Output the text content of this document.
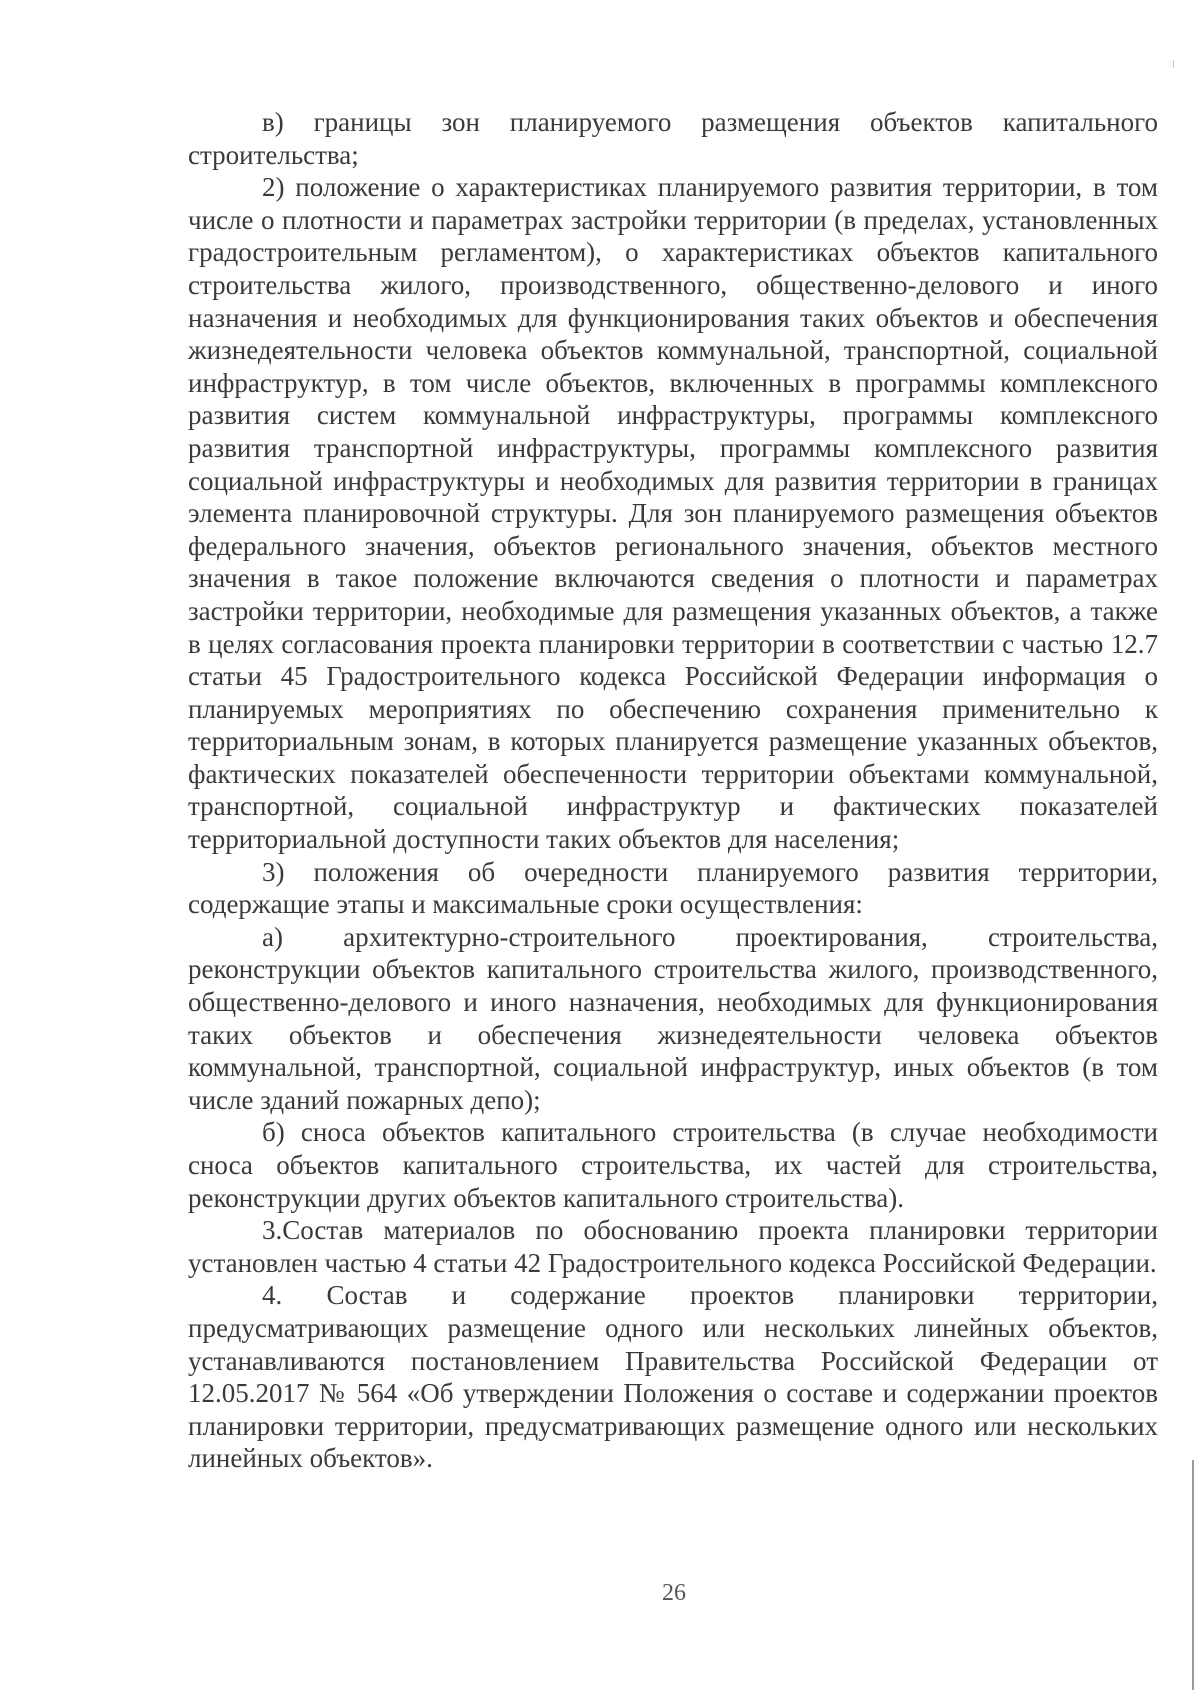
в) границы зон планируемого размещения объектов капитального строительства;

2) положение о характеристиках планируемого развития территории, в том числе о плотности и параметрах застройки территории (в пределах, установленных градостроительным регламентом), о характеристиках объектов капитального строительства жилого, производственного, общественно-делового и иного назначения и необходимых для функционирования таких объектов и обеспечения жизнедеятельности человека объектов коммунальной, транспортной, социальной инфраструктур, в том числе объектов, включенных в программы комплексного развития систем коммунальной инфраструктуры, программы комплексного развития транспортной инфраструктуры, программы комплексного развития социальной инфраструктуры и необходимых для развития территории в границах элемента планировочной структуры. Для зон планируемого размещения объектов федерального значения, объектов регионального значения, объектов местного значения в такое положение включаются сведения о плотности и параметрах застройки территории, необходимые для размещения указанных объектов, а также в целях согласования проекта планировки территории в соответствии с частью 12.7 статьи 45 Градостроительного кодекса Российской Федерации информация о планируемых мероприятиях по обеспечению сохранения применительно к территориальным зонам, в которых планируется размещение указанных объектов, фактических показателей обеспеченности территории объектами коммунальной, транспортной, социальной инфраструктур и фактических показателей территориальной доступности таких объектов для населения;

3) положения об очередности планируемого развития территории, содержащие этапы и максимальные сроки осуществления:

а) архитектурно-строительного проектирования, строительства, реконструкции объектов капитального строительства жилого, производственного, общественно-делового и иного назначения, необходимых для функционирования таких объектов и обеспечения жизнедеятельности человека объектов коммунальной, транспортной, социальной инфраструктур, иных объектов (в том числе зданий пожарных депо);

б) сноса объектов капитального строительства (в случае необходимости сноса объектов капитального строительства, их частей для строительства, реконструкции других объектов капитального строительства).

3.Состав материалов по обоснованию проекта планировки территории установлен частью 4 статьи 42 Градостроительного кодекса Российской Федерации.

4. Состав и содержание проектов планировки территории, предусматривающих размещение одного или нескольких линейных объектов, устанавливаются постановлением Правительства Российской Федерации от 12.05.2017 № 564 «Об утверждении Положения о составе и содержании проектов планировки территории, предусматривающих размещение одного или нескольких линейных объектов».

26
